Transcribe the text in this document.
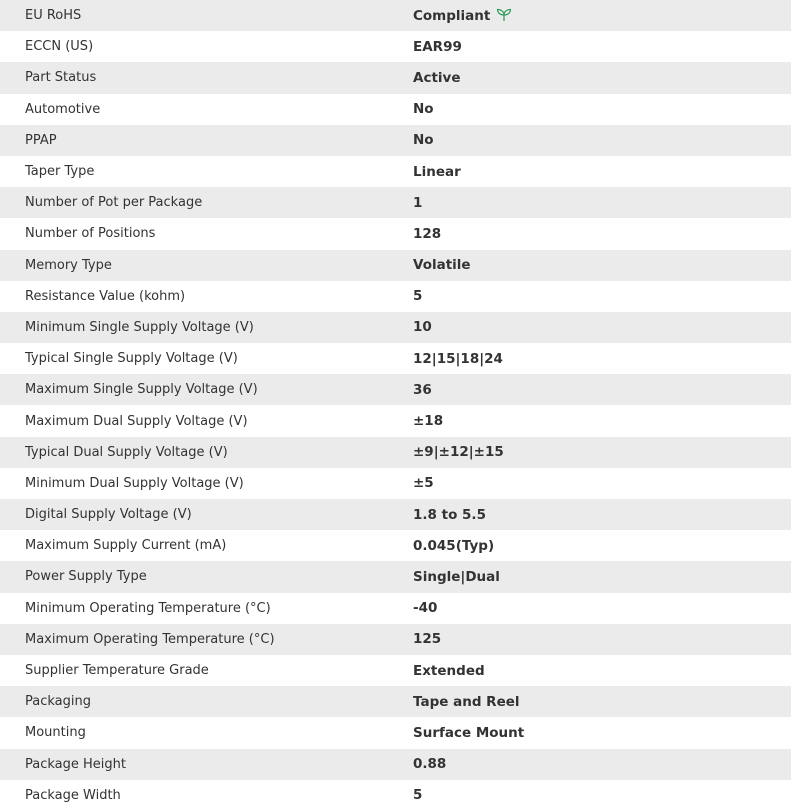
EU RoHS	Compliant
ECCN (US)	EAR99
Part Status	Active
Automotive	No
PPAP	No
Taper Type	Linear
Number of Pot per Package	1
Number of Positions	128
Memory Type	Volatile
Resistance Value (kohm)	5
Minimum Single Supply Voltage (V)	10
Typical Single Supply Voltage (V)	12|15|18|24
Maximum Single Supply Voltage (V)	36
Maximum Dual Supply Voltage (V)	±18
Typical Dual Supply Voltage (V)	±9|±12|±15
Minimum Dual Supply Voltage (V)	±5
Digital Supply Voltage (V)	1.8 to 5.5
Maximum Supply Current (mA)	0.045(Typ)
Power Supply Type	Single|Dual
Minimum Operating Temperature (°C)	-40
Maximum Operating Temperature (°C)	125
Supplier Temperature Grade	Extended
Packaging	Tape and Reel
Mounting	Surface Mount
Package Height	0.88
Package Width	5
